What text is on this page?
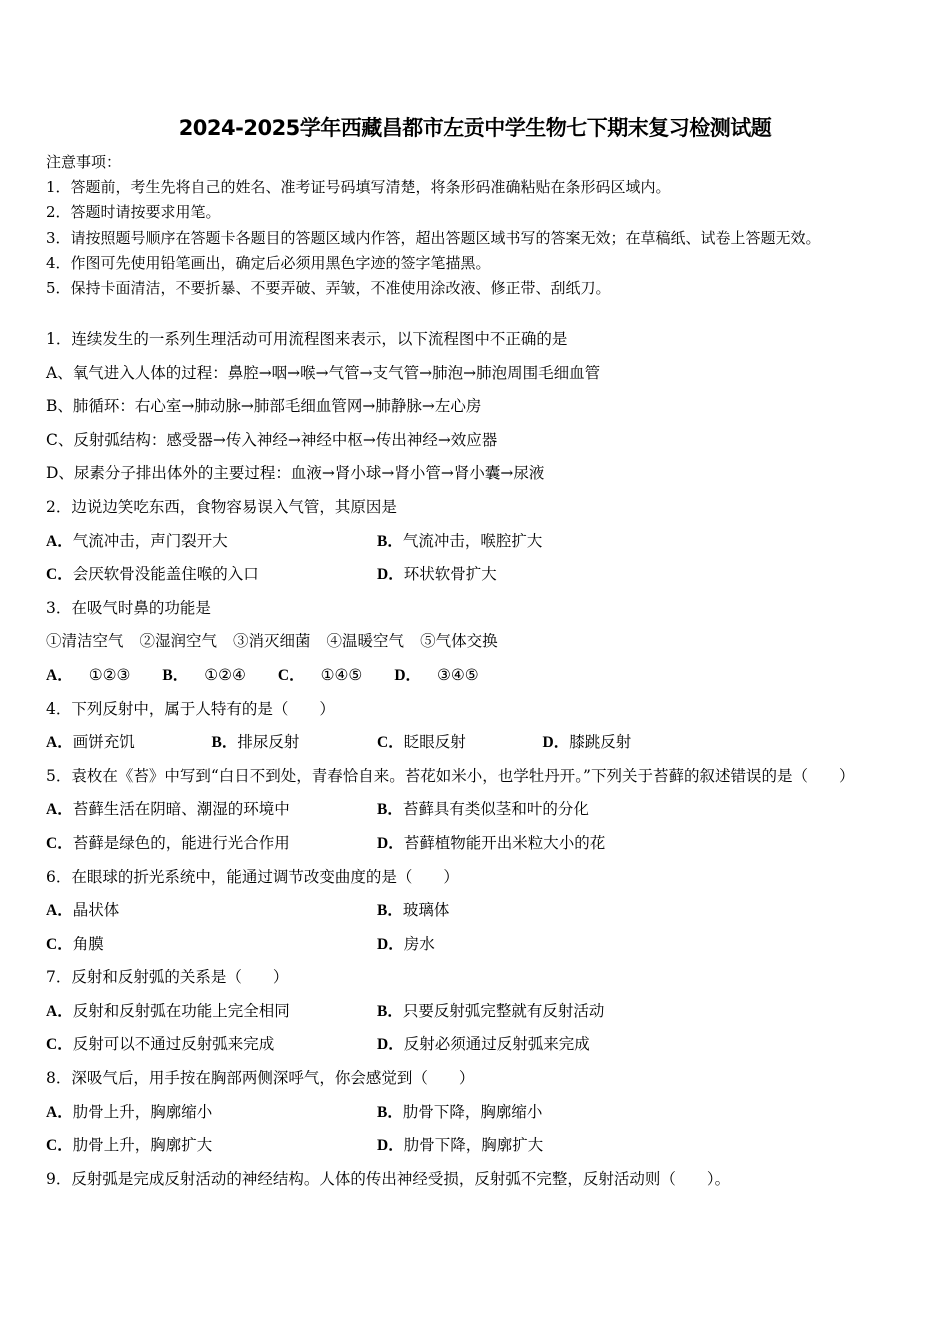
2024-2025学年西藏昌都市左贡中学生物七下期末复习检测试题
注意事项：
1．答题前，考生先将自己的姓名、准考证号码填写清楚，将条形码准确粘贴在条形码区域内。
2．答题时请按要求用笔。
3．请按照题号顺序在答题卡各题目的答题区域内作答，超出答题区域书写的答案无效；在草稿纸、试卷上答题无效。
4．作图可先使用铅笔画出，确定后必须用黑色字迹的签字笔描黑。
5．保持卡面清洁，不要折暴、不要弄破、弄皱，不准使用涂改液、修正带、刮纸刀。
1．连续发生的一系列生理活动可用流程图来表示，以下流程图中不正确的是
A、氧气进入人体的过程：鼻腔→咽→喉→气管→支气管→肺泡→肺泡周围毛细血管
B、肺循环：右心室→肺动脉→肺部毛细血管网→肺静脉→左心房
C、反射弧结构：感受器→传入神经→神经中枢→传出神经→效应器
D、尿素分子排出体外的主要过程：血液→肾小球→肾小管→肾小囊→尿液
2．边说边笑吃东西，食物容易误入气管，其原因是
A．气流冲击，声门裂开大	B．气流冲击，喉腔扩大
C．会厌软骨没能盖住喉的入口	D．环状软骨扩大
3．在吸气时鼻的功能是
①清洁空气 ②湿润空气 ③消灭细菌 ④温暖空气 ⑤气体交换
A． ①②③ B． ①②④ C． ①④⑤ D． ③④⑤
4．下列反射中，属于人特有的是（　　）
A．画饼充饥	B．排尿反射	C．眨眼反射	D．膝跳反射
5．袁枚在《苔》中写到“白日不到处，青春恰自来。苔花如米小，也学牡丹开。”下列关于苔藓的叙述错误的是（　　）
A．苔藓生活在阴暗、潮湿的环境中	B．苔藓具有类似茎和叶的分化
C．苔藓是绿色的，能进行光合作用	D．苔藓植物能开出米粒大小的花
6．在眼球的折光系统中，能通过调节改变曲度的是（　　）
A．晶状体	B．玻璃体
C．角膜	D．房水
7．反射和反射弧的关系是（　　）
A．反射和反射弧在功能上完全相同	B．只要反射弧完整就有反射活动
C．反射可以不通过反射弧来完成	D．反射必须通过反射弧来完成
8．深吸气后，用手按在胸部两侧深呼气，你会感觉到（　　）
A．肋骨上升，胸廓缩小	B．肋骨下降，胸廓缩小
C．肋骨上升，胸廓扩大	D．肋骨下降，胸廓扩大
9．反射弧是完成反射活动的神经结构。人体的传出神经受损，反射弧不完整，反射活动则（　　）。
